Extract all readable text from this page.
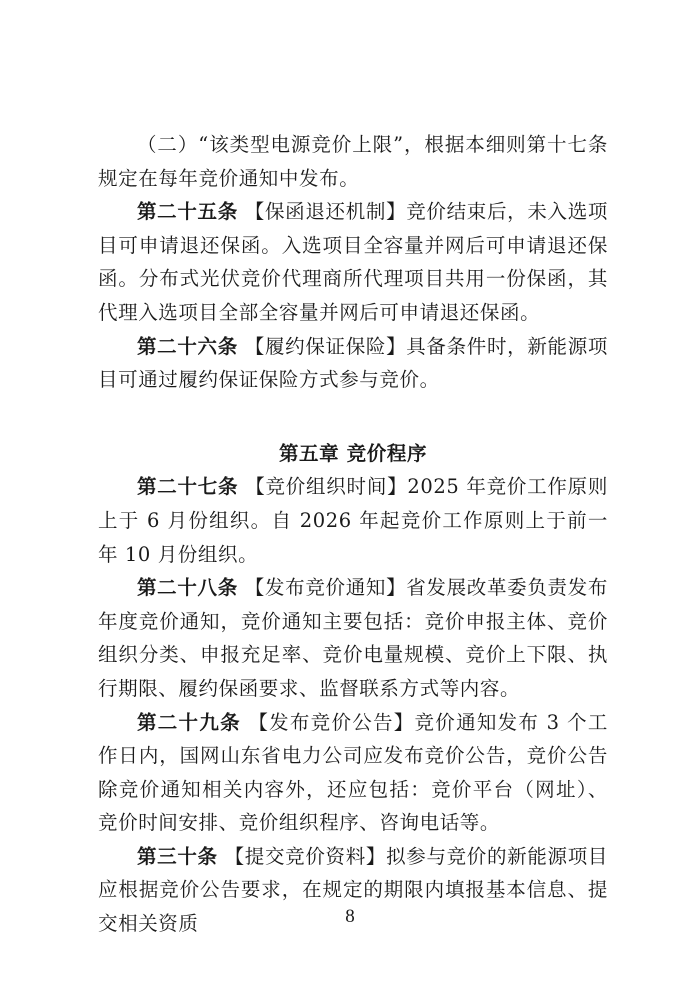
（二）“该类型电源竞价上限”，根据本细则第十七条规定在每年竞价通知中发布。

第二十五条 【保函退还机制】竞价结束后，未入选项目可申请退还保函。入选项目全容量并网后可申请退还保函。分布式光伏竞价代理商所代理项目共用一份保函，其代理入选项目全部全容量并网后可申请退还保函。

第二十六条 【履约保证保险】具备条件时，新能源项目可通过履约保证保险方式参与竞价。

第五章 竞价程序

第二十七条 【竞价组织时间】2025 年竞价工作原则上于 6 月份组织。自 2026 年起竞价工作原则上于前一年 10 月份组织。

第二十八条 【发布竞价通知】省发展改革委负责发布年度竞价通知，竞价通知主要包括：竞价申报主体、竞价组织分类、申报充足率、竞价电量规模、竞价上下限、执行期限、履约保函要求、监督联系方式等内容。

第二十九条 【发布竞价公告】竞价通知发布 3 个工作日内，国网山东省电力公司应发布竞价公告，竞价公告除竞价通知相关内容外，还应包括：竞价平台（网址）、竞价时间安排、竞价组织程序、咨询电话等。

第三十条 【提交竞价资料】拟参与竞价的新能源项目应根据竞价公告要求，在规定的期限内填报基本信息、提交相关资质	8
